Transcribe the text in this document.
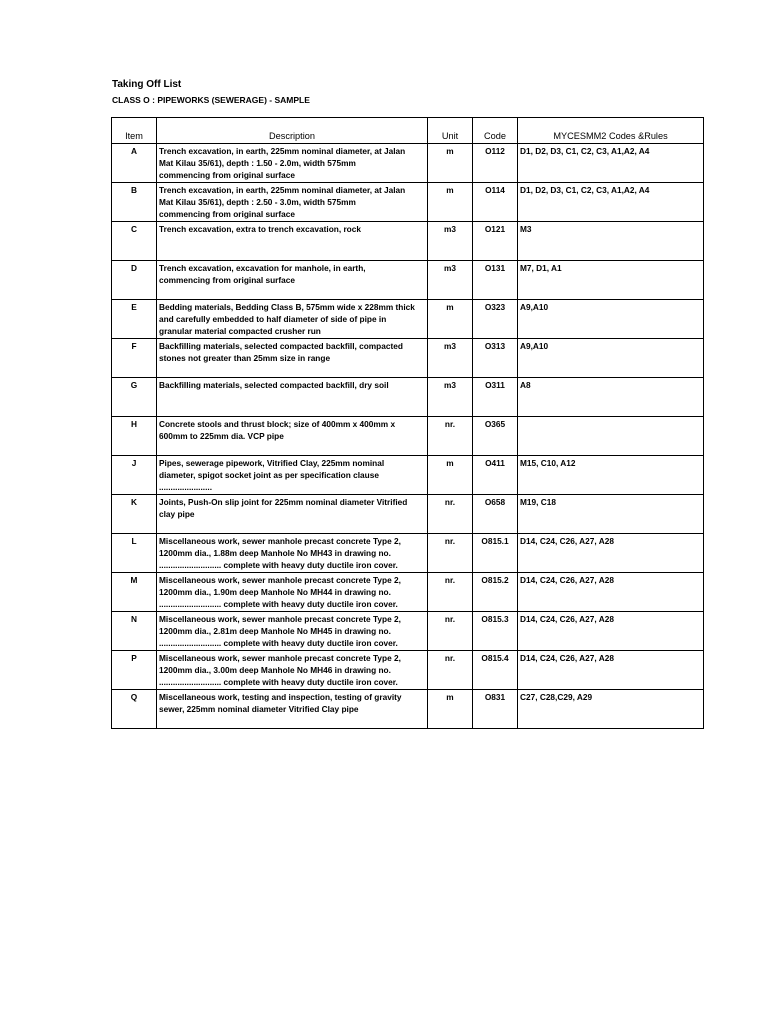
Taking Off List
CLASS O : PIPEWORKS (SEWERAGE) - SAMPLE
Item	Description	Unit	Code	MYCESMM2 Codes &Rules
A	Trench excavation, in earth, 225mm nominal diameter, at Jalan
Mat Kilau 35/61), depth : 1.50 - 2.0m, width 575mm
commencing from original surface	m	O112	D1, D2, D3, C1, C2, C3, A1,A2, A4
B	Trench excavation, in earth, 225mm nominal diameter, at Jalan
Mat Kilau 35/61), depth : 2.50 - 3.0m, width 575mm
commencing from original surface	m	O114	D1, D2, D3, C1, C2, C3, A1,A2, A4
C	Trench excavation, extra to trench excavation, rock	m3	O121	M3
D	Trench excavation, excavation for manhole, in earth,
commencing from original surface	m3	O131	M7, D1, A1
E	Bedding materials, Bedding Class B, 575mm wide x 228mm thick
and carefully embedded to half diameter of side of pipe in
granular material compacted crusher run	m	O323	A9,A10
F	Backfilling materials, selected compacted backfill, compacted
stones not greater than 25mm size in range	m3	O313	A9,A10
G	Backfilling materials, selected compacted backfill, dry soil	m3	O311	A8
H	Concrete stools and thrust block; size of 400mm x 400mm x
600mm to 225mm dia. VCP pipe	nr.	O365	
J	Pipes, sewerage pipework, Vitrified Clay, 225mm nominal
diameter, spigot socket joint as per specification clause
.......................	m	O411	M15, C10, A12
K	Joints, Push-On slip joint for 225mm nominal diameter Vitrified
clay pipe	nr.	O658	M19, C18
L	Miscellaneous work, sewer manhole precast concrete Type 2,
1200mm dia., 1.88m deep Manhole No MH43 in drawing no.
........................... complete with heavy duty ductile iron cover.	nr.	O815.1	D14, C24, C26, A27, A28
M	Miscellaneous work, sewer manhole precast concrete Type 2,
1200mm dia., 1.90m deep Manhole No MH44 in drawing no.
........................... complete with heavy duty ductile iron cover.	nr.	O815.2	D14, C24, C26, A27, A28
N	Miscellaneous work, sewer manhole precast concrete Type 2,
1200mm dia., 2.81m deep Manhole No MH45 in drawing no.
........................... complete with heavy duty ductile iron cover.	nr.	O815.3	D14, C24, C26, A27, A28
P	Miscellaneous work, sewer manhole precast concrete Type 2,
1200mm dia., 3.00m deep Manhole No MH46 in drawing no.
........................... complete with heavy duty ductile iron cover.	nr.	O815.4	D14, C24, C26, A27, A28
Q	Miscellaneous work, testing and inspection, testing of gravity
sewer, 225mm nominal diameter Vitrified Clay pipe	m	O831	C27, C28,C29, A29
